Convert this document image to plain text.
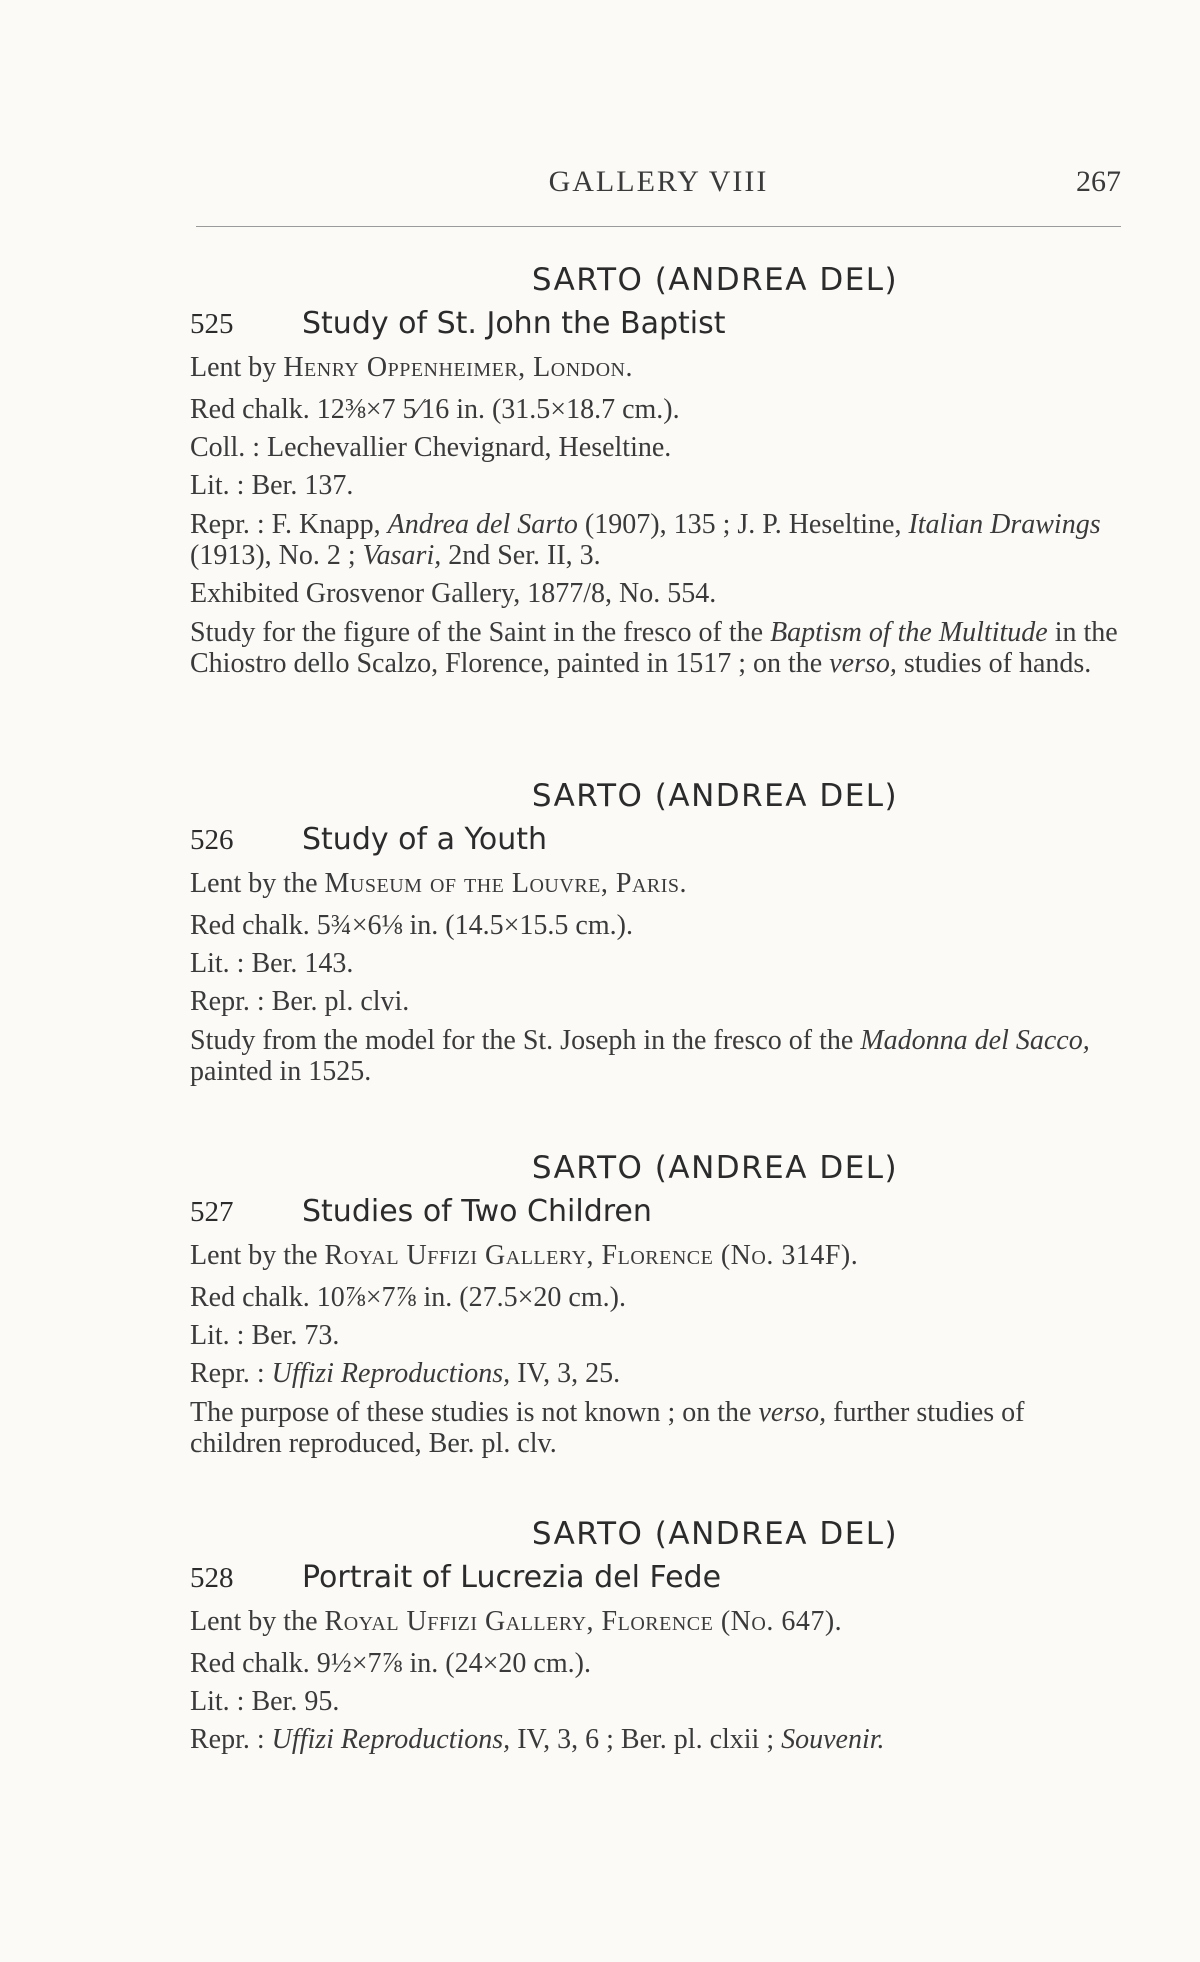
GALLERY VIII	267
SARTO (ANDREA DEL)
525 Study of St. John the Baptist
Lent by Henry Oppenheimer, London.
Red chalk. 12⅜×7 5⁄16 in. (31.5×18.7 cm.).
Coll. : Lechevallier Chevignard, Heseltine.
Lit. : Ber. 137.
Repr. : F. Knapp, Andrea del Sarto (1907), 135 ; J. P. Heseltine, Italian Drawings (1913), No. 2 ; Vasari, 2nd Ser. II, 3.
Exhibited Grosvenor Gallery, 1877/8, No. 554.
Study for the figure of the Saint in the fresco of the Baptism of the Multitude in the Chiostro dello Scalzo, Florence, painted in 1517 ; on the verso, studies of hands.
SARTO (ANDREA DEL)
526 Study of a Youth
Lent by the Museum of the Louvre, Paris.
Red chalk. 5¾×6⅛ in. (14.5×15.5 cm.).
Lit. : Ber. 143.
Repr. : Ber. pl. clvi.
Study from the model for the St. Joseph in the fresco of the Madonna del Sacco, painted in 1525.
SARTO (ANDREA DEL)
527 Studies of Two Children
Lent by the Royal Uffizi Gallery, Florence (No. 314F).
Red chalk. 10⅞×7⅞ in. (27.5×20 cm.).
Lit. : Ber. 73.
Repr. : Uffizi Reproductions, IV, 3, 25.
The purpose of these studies is not known ; on the verso, further studies of children reproduced, Ber. pl. clv.
SARTO (ANDREA DEL)
528 Portrait of Lucrezia del Fede
Lent by the Royal Uffizi Gallery, Florence (No. 647).
Red chalk. 9½×7⅞ in. (24×20 cm.).
Lit. : Ber. 95.
Repr. : Uffizi Reproductions, IV, 3, 6 ; Ber. pl. clxii ; Souvenir.
